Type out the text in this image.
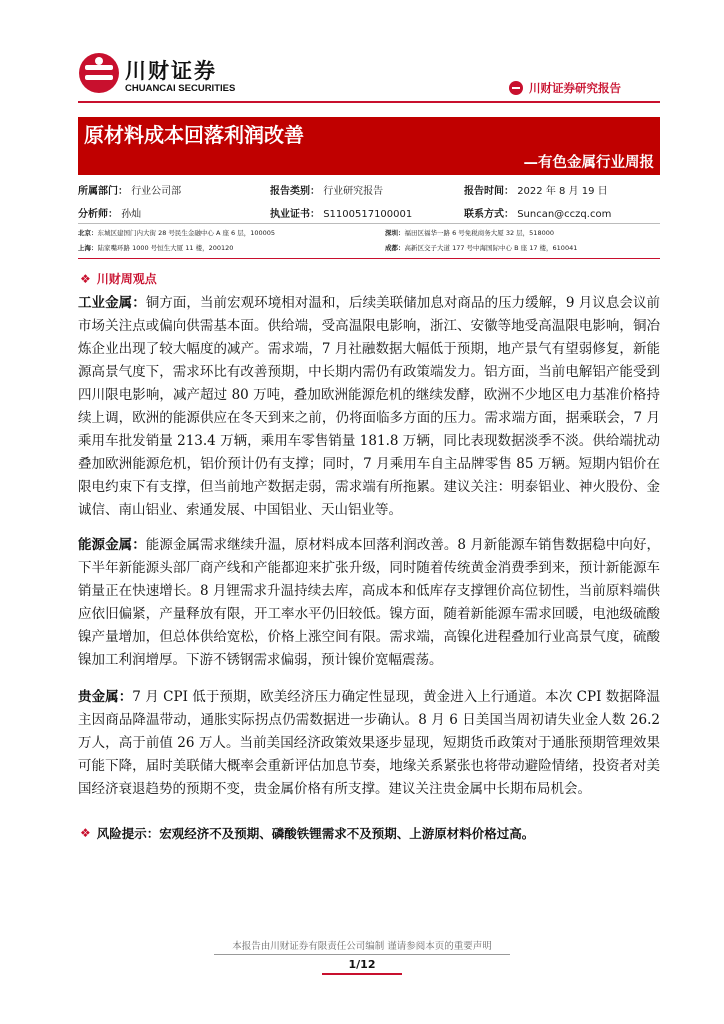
川财证券
CHUANCAI SECURITIES	川财证券研究报告
原材料成本回落利润改善
—有色金属行业周报
所属部门： 行业公司部	报告类别： 行业研究报告	报告时间： 2022 年 8 月 19 日
分析师： 孙灿	执业证书： S1100517100001	联系方式： Suncan@cczq.com
北京：东城区建国门内大街 28 号民生金融中心 A 座 6 层，100005	深圳：福田区福华一路 6 号免税商务大厦 32 层，518000
上海：陆家嘴环路 1000 号恒生大厦 11 楼，200120	成都：高新区交子大道 177 号中海国际中心 B 座 17 楼，610041
❖ 川财周观点
工业金属：铜方面，当前宏观环境相对温和，后续美联储加息对商品的压力缓解，9 月议息会议前市场关注点或偏向供需基本面。供给端，受高温限电影响，浙江、安徽等地受高温限电影响，铜冶炼企业出现了较大幅度的减产。需求端，7 月社融数据大幅低于预期，地产景气有望弱修复，新能源高景气度下，需求环比有改善预期，中长期内需仍有政策端发力。铝方面，当前电解铝产能受到四川限电影响，减产超过 80 万吨，叠加欧洲能源危机的继续发酵，欧洲不少地区电力基准价格持续上调，欧洲的能源供应在冬天到来之前，仍将面临多方面的压力。需求端方面，据乘联会，7 月乘用车批发销量 213.4 万辆，乘用车零售销量 181.8 万辆，同比表现数据淡季不淡。供给端扰动叠加欧洲能源危机，铝价预计仍有支撑；同时，7 月乘用车自主品牌零售 85 万辆。短期内铝价在限电约束下有支撑，但当前地产数据走弱，需求端有所拖累。建议关注：明泰铝业、神火股份、金诚信、南山铝业、索通发展、中国铝业、天山铝业等。
能源金属：能源金属需求继续升温，原材料成本回落利润改善。8 月新能源车销售数据稳中向好，下半年新能源头部厂商产线和产能都迎来扩张升级，同时随着传统黄金消费季到来，预计新能源车销量正在快速增长。8 月锂需求升温持续去库，高成本和低库存支撑锂价高位韧性，当前原料端供应依旧偏紧，产量释放有限，开工率水平仍旧较低。镍方面，随着新能源车需求回暖，电池级硫酸镍产量增加，但总体供给宽松，价格上涨空间有限。需求端，高镍化进程叠加行业高景气度，硫酸镍加工利润增厚。下游不锈钢需求偏弱，预计镍价宽幅震荡。
贵金属：7 月 CPI 低于预期，欧美经济压力确定性显现，黄金进入上行通道。本次 CPI 数据降温主因商品降温带动，通胀实际拐点仍需数据进一步确认。8 月 6 日美国当周初请失业金人数 26.2 万人，高于前值 26 万人。当前美国经济政策效果逐步显现，短期货币政策对于通胀预期管理效果可能下降，届时美联储大概率会重新评估加息节奏，地缘关系紧张也将带动避险情绪，投资者对美国经济衰退趋势的预期不变，贵金属价格有所支撑。建议关注贵金属中长期布局机会。
❖ 风险提示：宏观经济不及预期、磷酸铁锂需求不及预期、上游原材料价格过高。
本报告由川财证券有限责任公司编制 谨请参阅本页的重要声明
1/12
